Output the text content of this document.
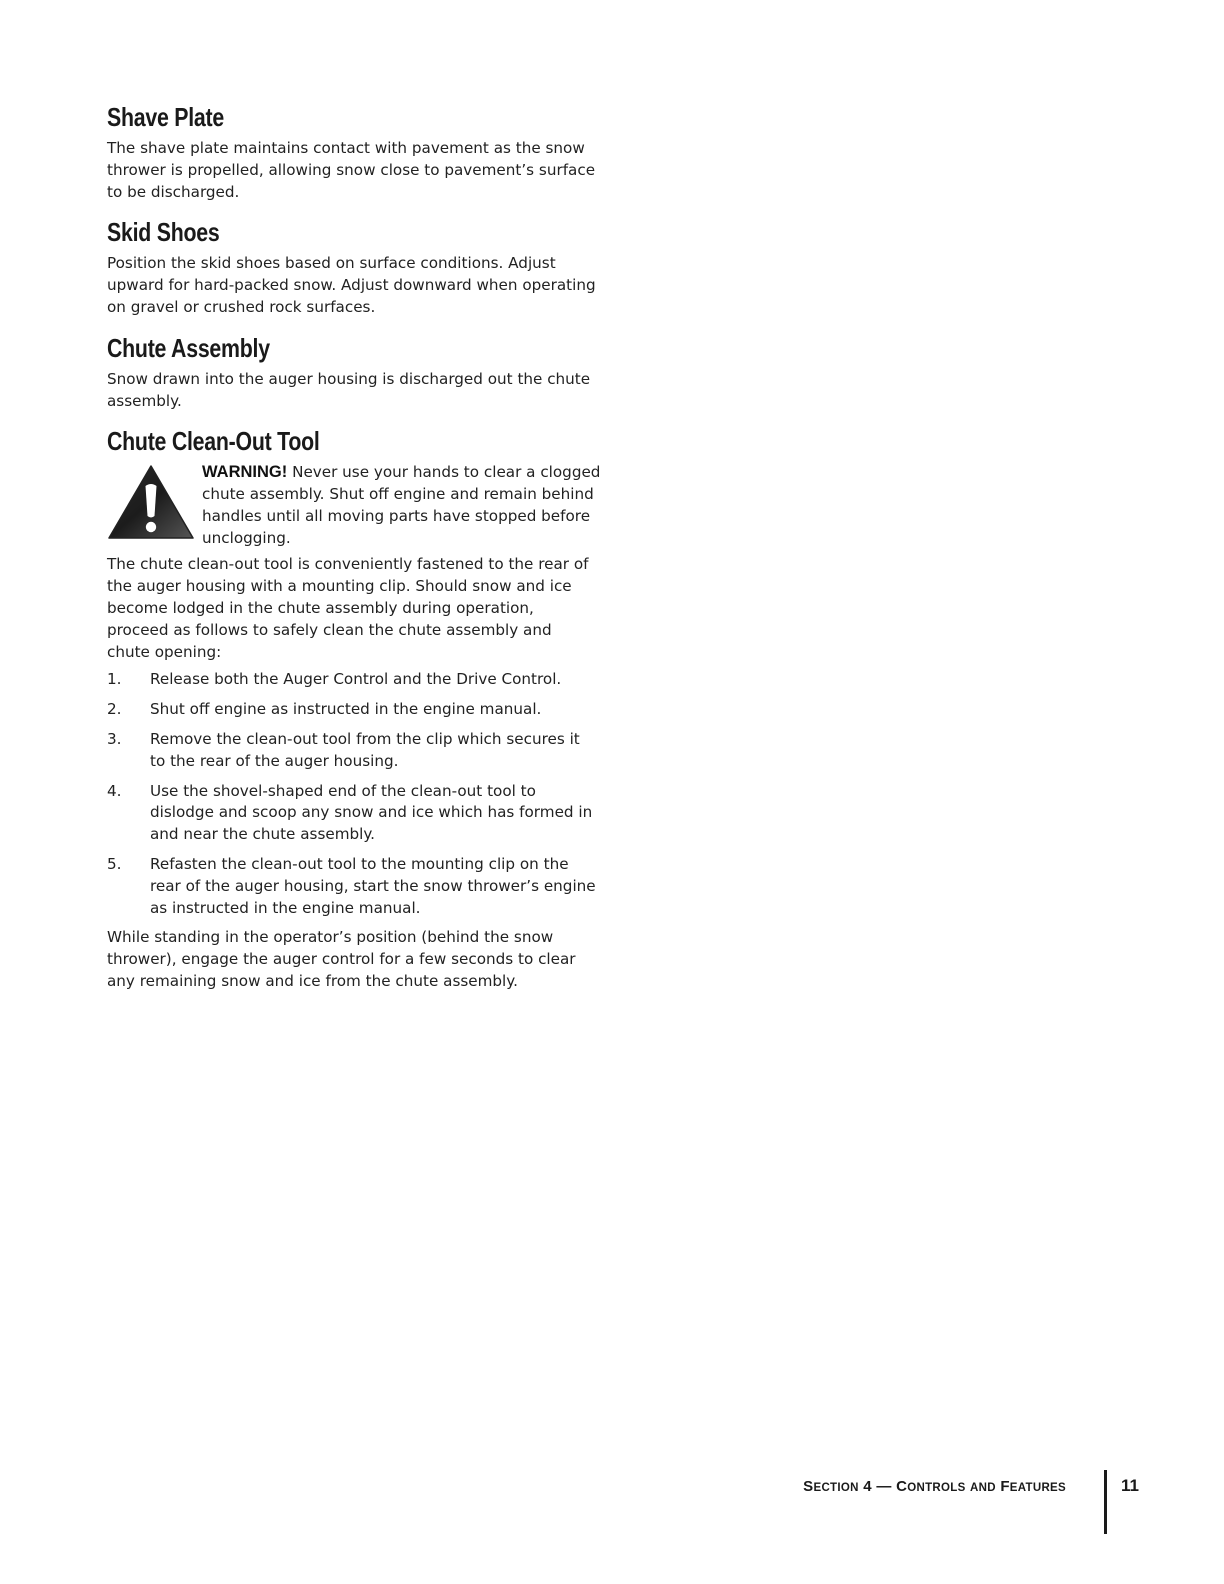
Shave Plate

The shave plate maintains contact with pavement as the snow thrower is propelled, allowing snow close to pavement’s surface to be discharged.

Skid Shoes

Position the skid shoes based on surface conditions. Adjust upward for hard-packed snow. Adjust downward when operating on gravel or crushed rock surfaces.

Chute Assembly

Snow drawn into the auger housing is discharged out the chute assembly.

Chute Clean-Out Tool
WARNING! Never use your hands to clear a clogged chute assembly. Shut off engine and remain behind handles until all moving parts have stopped before unclogging.

The chute clean-out tool is conveniently fastened to the rear of the auger housing with a mounting clip. Should snow and ice become lodged in the chute assembly during operation, proceed as follows to safely clean the chute assembly and chute opening:

1.	Release both the Auger Control and the Drive Control.
2.	Shut off engine as instructed in the engine manual.
3.	Remove the clean-out tool from the clip which secures it to the rear of the auger housing.
4.	Use the shovel-shaped end of the clean-out tool to dislodge and scoop any snow and ice which has formed in and near the chute assembly.
5.	Refasten the clean-out tool to the mounting clip on the rear of the auger housing, start the snow thrower’s engine as instructed in the engine manual.

While standing in the operator’s position (behind the snow thrower), engage the auger control for a few seconds to clear any remaining snow and ice from the chute assembly.

SECTION 4 — CONTROLS AND FEATURES	11
